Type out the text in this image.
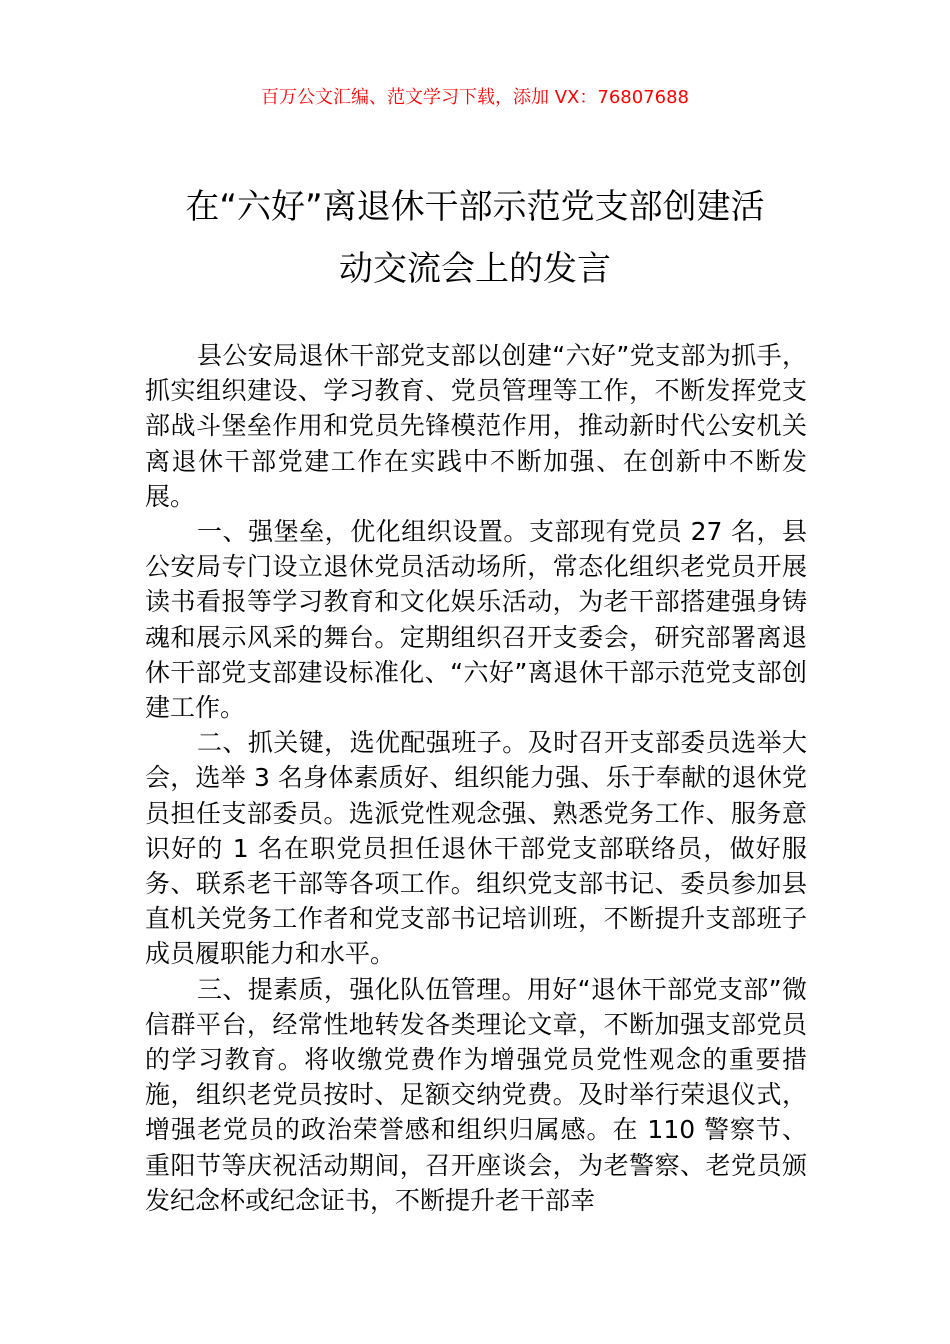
百万公文汇编、范文学习下载，添加 VX：76807688
在“六好”离退休干部示范党支部创建活
动交流会上的发言

县公安局退休干部党支部以创建“六好”党支部为抓手，抓实组织建设、学习教育、党员管理等工作，不断发挥党支部战斗堡垒作用和党员先锋模范作用，推动新时代公安机关离退休干部党建工作在实践中不断加强、在创新中不断发展。

一、强堡垒，优化组织设置。支部现有党员 27 名，县公安局专门设立退休党员活动场所，常态化组织老党员开展读书看报等学习教育和文化娱乐活动，为老干部搭建强身铸魂和展示风采的舞台。定期组织召开支委会，研究部署离退休干部党支部建设标准化、“六好”离退休干部示范党支部创建工作。

二、抓关键，选优配强班子。及时召开支部委员选举大会，选举 3 名身体素质好、组织能力强、乐于奉献的退休党员担任支部委员。选派党性观念强、熟悉党务工作、服务意识好的 1 名在职党员担任退休干部党支部联络员，做好服务、联系老干部等各项工作。组织党支部书记、委员参加县直机关党务工作者和党支部书记培训班，不断提升支部班子成员履职能力和水平。

三、提素质，强化队伍管理。用好“退休干部党支部”微信群平台，经常性地转发各类理论文章，不断加强支部党员的学习教育。将收缴党费作为增强党员党性观念的重要措施，组织老党员按时、足额交纳党费。及时举行荣退仪式，增强老党员的政治荣誉感和组织归属感。在 110 警察节、重阳节等庆祝活动期间，召开座谈会，为老警察、老党员颁发纪念杯或纪念证书，不断提升老干部幸
